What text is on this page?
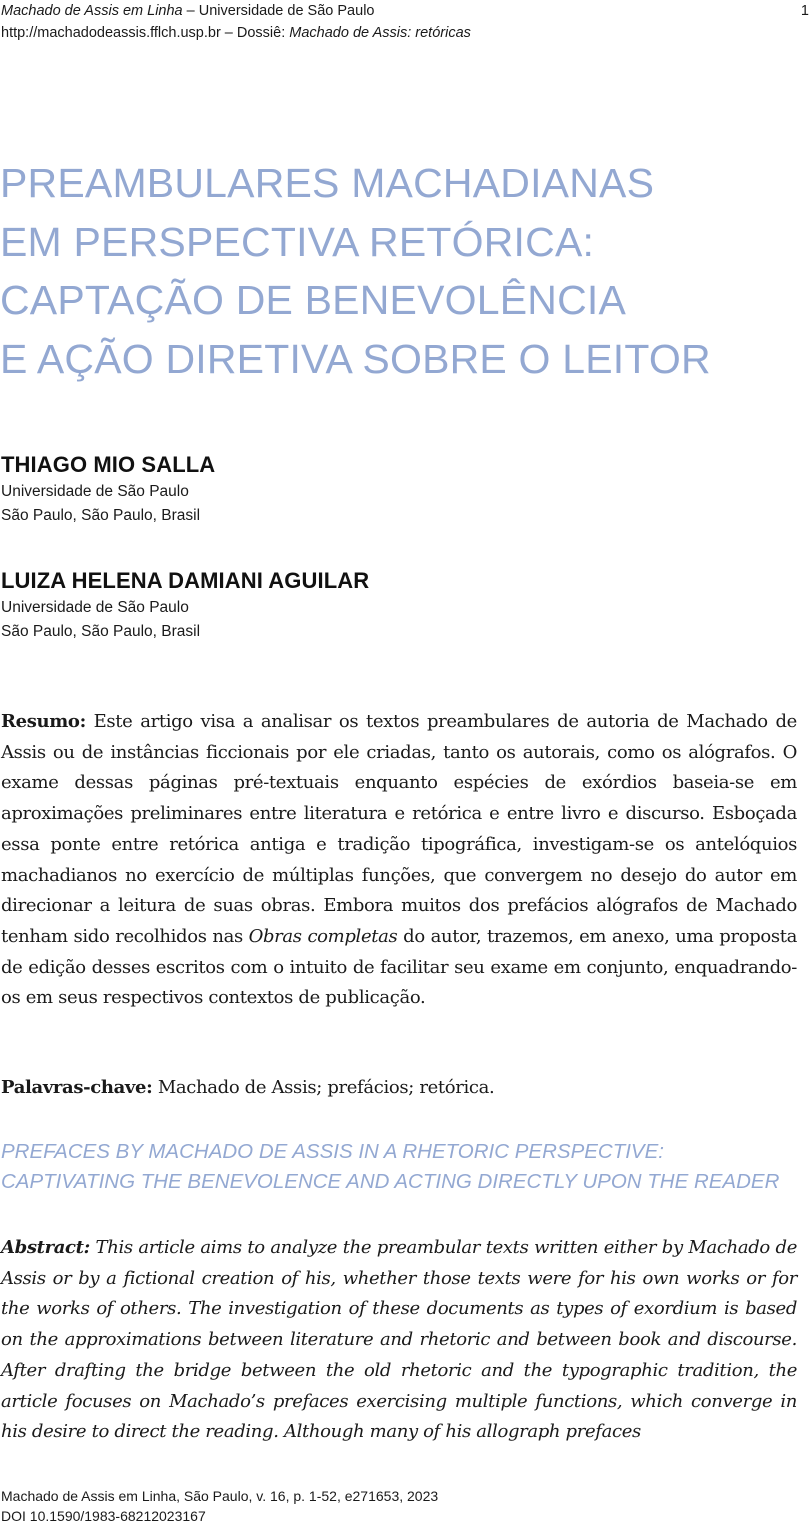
Machado de Assis em Linha – Universidade de São Paulo
http://machadodeassis.fflch.usp.br – Dossiê: Machado de Assis: retóricas
1
PREAMBULARES MACHADIANAS
EM PERSPECTIVA RETÓRICA:
CAPTAÇÃO DE BENEVOLÊNCIA
E AÇÃO DIRETIVA SOBRE O LEITOR
THIAGO MIO SALLA
Universidade de São Paulo
São Paulo, São Paulo, Brasil
LUIZA HELENA DAMIANI AGUILAR
Universidade de São Paulo
São Paulo, São Paulo, Brasil

Resumo: Este artigo visa a analisar os textos preambulares de autoria de Machado de Assis ou de instâncias ficcionais por ele criadas, tanto os autorais, como os alógrafos. O exame dessas páginas pré-textuais enquanto espécies de exórdios baseia-se em aproximações preliminares entre literatura e retórica e entre livro e discurso. Esboçada essa ponte entre retórica antiga e tradição tipográfica, investigam-se os antelóquios machadianos no exercício de múltiplas funções, que convergem no desejo do autor em direcionar a leitura de suas obras. Embora muitos dos prefácios alógrafos de Machado tenham sido recolhidos nas Obras completas do autor, trazemos, em anexo, uma proposta de edição desses escritos com o intuito de facilitar seu exame em conjunto, enquadrando-os em seus respectivos contextos de publicação.

Palavras-chave: Machado de Assis; prefácios; retórica.

PREFACES BY MACHADO DE ASSIS IN A RHETORIC PERSPECTIVE:
CAPTIVATING THE BENEVOLENCE AND ACTING DIRECTLY UPON THE READER

Abstract: This article aims to analyze the preambular texts written either by Machado de Assis or by a fictional creation of his, whether those texts were for his own works or for the works of others. The investigation of these documents as types of exordium is based on the approximations between literature and rhetoric and between book and discourse. After drafting the bridge between the old rhetoric and the typographic tradition, the article focuses on Machado’s prefaces exercising multiple functions, which converge in his desire to direct the reading. Although many of his allograph prefaces

Machado de Assis em Linha, São Paulo, v. 16, p. 1-52, e271653, 2023
DOI 10.1590/1983-68212023167
